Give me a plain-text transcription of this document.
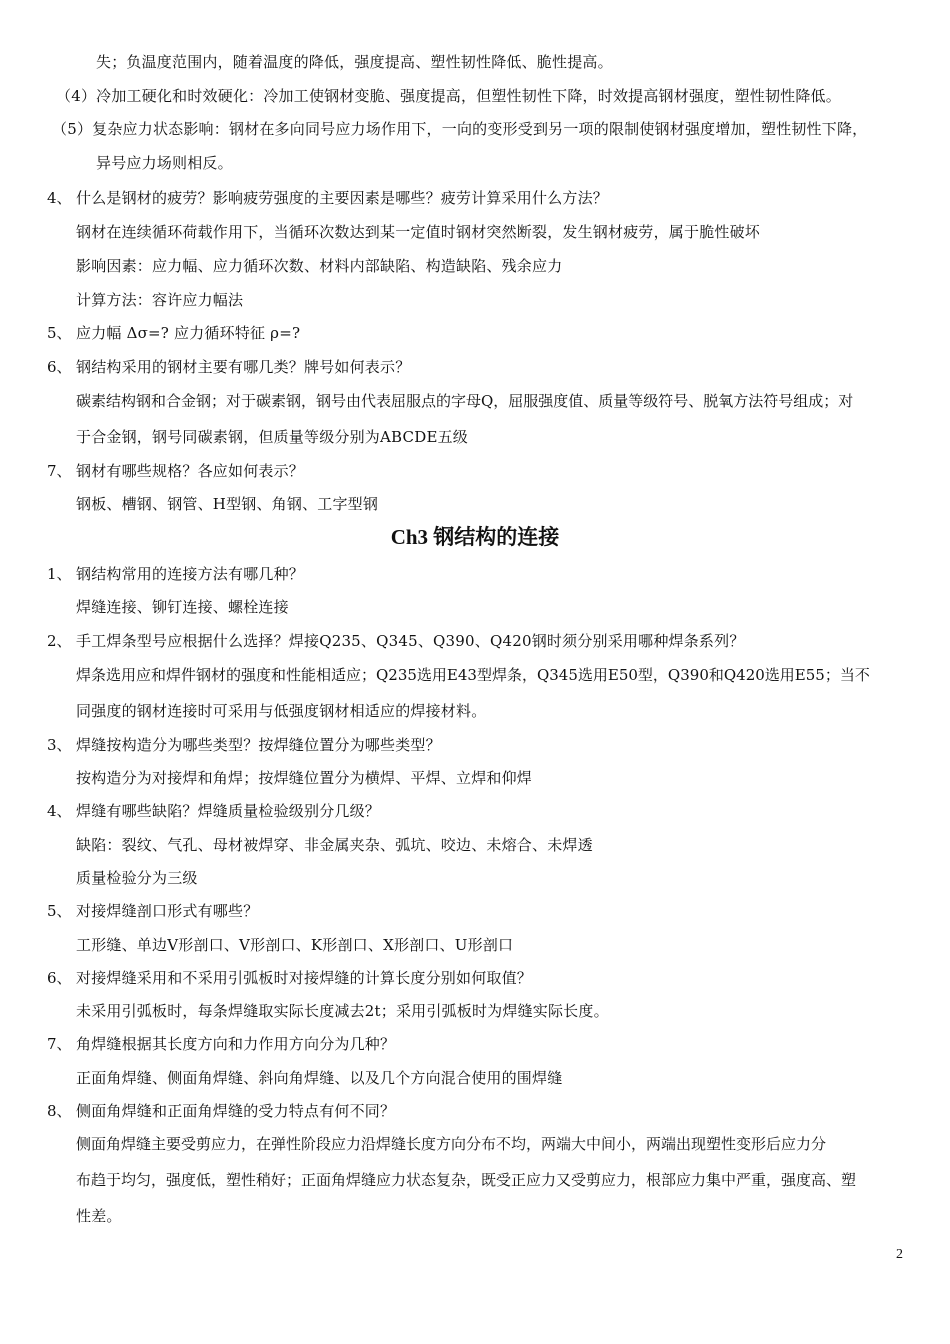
失；负温度范围内，随着温度的降低，强度提高、塑性韧性降低、脆性提高。
（4）冷加工硬化和时效硬化：冷加工使钢材变脆、强度提高，但塑性韧性下降，时效提高钢材强度，塑性韧性降低。
（5）复杂应力状态影响：钢材在多向同号应力场作用下，一向的变形受到另一项的限制使钢材强度增加，塑性韧性下降，
异号应力场则相反。
4、 什么是钢材的疲劳？影响疲劳强度的主要因素是哪些？疲劳计算采用什么方法？
钢材在连续循环荷载作用下，当循环次数达到某一定值时钢材突然断裂，发生钢材疲劳，属于脆性破坏
影响因素：应力幅、应力循环次数、材料内部缺陷、构造缺陷、残余应力
计算方法：容许应力幅法
5、 应力幅 Δσ=? 应力循环特征 ρ=?
6、 钢结构采用的钢材主要有哪几类？牌号如何表示？
碳素结构钢和合金钢；对于碳素钢，钢号由代表屈服点的字母Q，屈服强度值、质量等级符号、脱氧方法符号组成；对
于合金钢，钢号同碳素钢，但质量等级分别为ABCDE五级
7、 钢材有哪些规格？各应如何表示？
钢板、槽钢、钢管、H型钢、角钢、工字型钢
Ch3 钢结构的连接
1、 钢结构常用的连接方法有哪几种？
焊缝连接、铆钉连接、螺栓连接
2、 手工焊条型号应根据什么选择？焊接Q235、Q345、Q390、Q420钢时须分别采用哪种焊条系列？
焊条选用应和焊件钢材的强度和性能相适应；Q235选用E43型焊条，Q345选用E50型，Q390和Q420选用E55；当不
同强度的钢材连接时可采用与低强度钢材相适应的焊接材料。
3、 焊缝按构造分为哪些类型？按焊缝位置分为哪些类型？
按构造分为对接焊和角焊；按焊缝位置分为横焊、平焊、立焊和仰焊
4、 焊缝有哪些缺陷？焊缝质量检验级别分几级？
缺陷：裂纹、气孔、母材被焊穿、非金属夹杂、弧坑、咬边、未熔合、未焊透
质量检验分为三级
5、 对接焊缝剖口形式有哪些？
工形缝、单边V形剖口、V形剖口、K形剖口、X形剖口、U形剖口
6、 对接焊缝采用和不采用引弧板时对接焊缝的计算长度分别如何取值？
未采用引弧板时，每条焊缝取实际长度减去2t；采用引弧板时为焊缝实际长度。
7、 角焊缝根据其长度方向和力作用方向分为几种？
正面角焊缝、侧面角焊缝、斜向角焊缝、以及几个方向混合使用的围焊缝
8、 侧面角焊缝和正面角焊缝的受力特点有何不同？
侧面角焊缝主要受剪应力，在弹性阶段应力沿焊缝长度方向分布不均，两端大中间小，两端出现塑性变形后应力分
布趋于均匀，强度低，塑性稍好；正面角焊缝应力状态复杂，既受正应力又受剪应力，根部应力集中严重，强度高、塑
性差。
2
